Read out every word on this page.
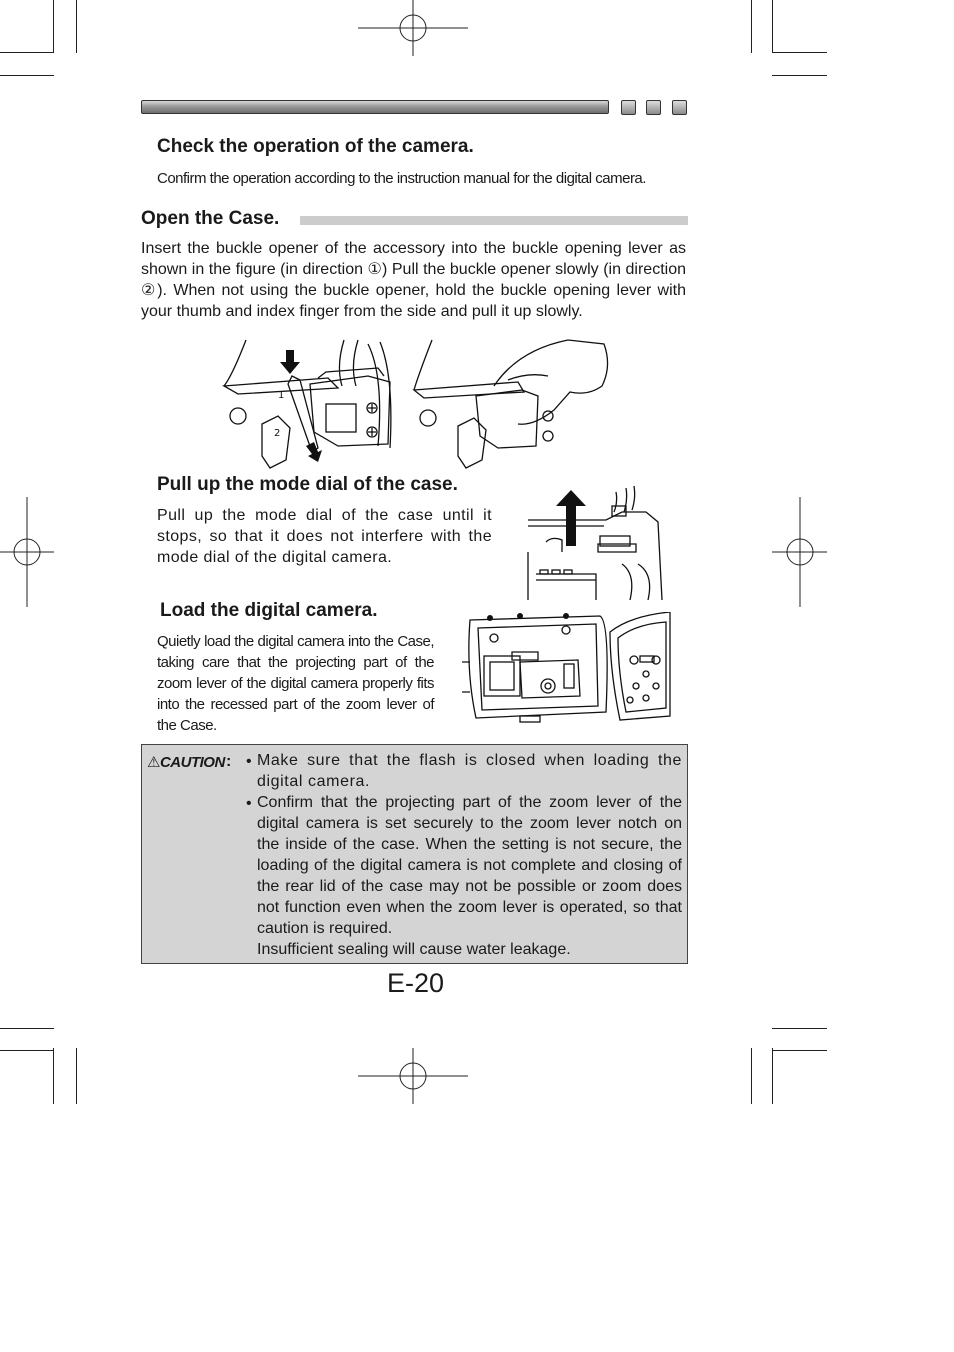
Check the operation of the camera.
Confirm the operation according to the instruction manual for the digital camera.
Open the Case.
Insert the buckle opener of the accessory into the buckle opening lever as shown in the figure (in direction ①) Pull the buckle opener slowly (in direction ②). When not using the buckle opener, hold the buckle opening lever with your thumb and index finger from the side and pull it up slowly.
1
2
Pull up the mode dial of the case.
Pull up the mode dial of the case until it stops, so that it does not interfere with the mode dial of the digital camera.
Load the digital camera.
Quietly load the digital camera into the Case, taking care that the projecting part of the zoom lever of the digital camera properly fits into the recessed part of the zoom lever of the Case.
⚠CAUTION : • Make sure that the flash is closed when loading the digital camera.
• Confirm that the projecting part of the zoom lever of the digital camera is set securely to the zoom lever notch on the inside of the case. When the setting is not secure, the loading of the digital camera is not complete and closing of the rear lid of the case may not be possible or zoom does not function even when the zoom lever is operated, so that caution is required.
Insufficient sealing will cause water leakage.
E-20
